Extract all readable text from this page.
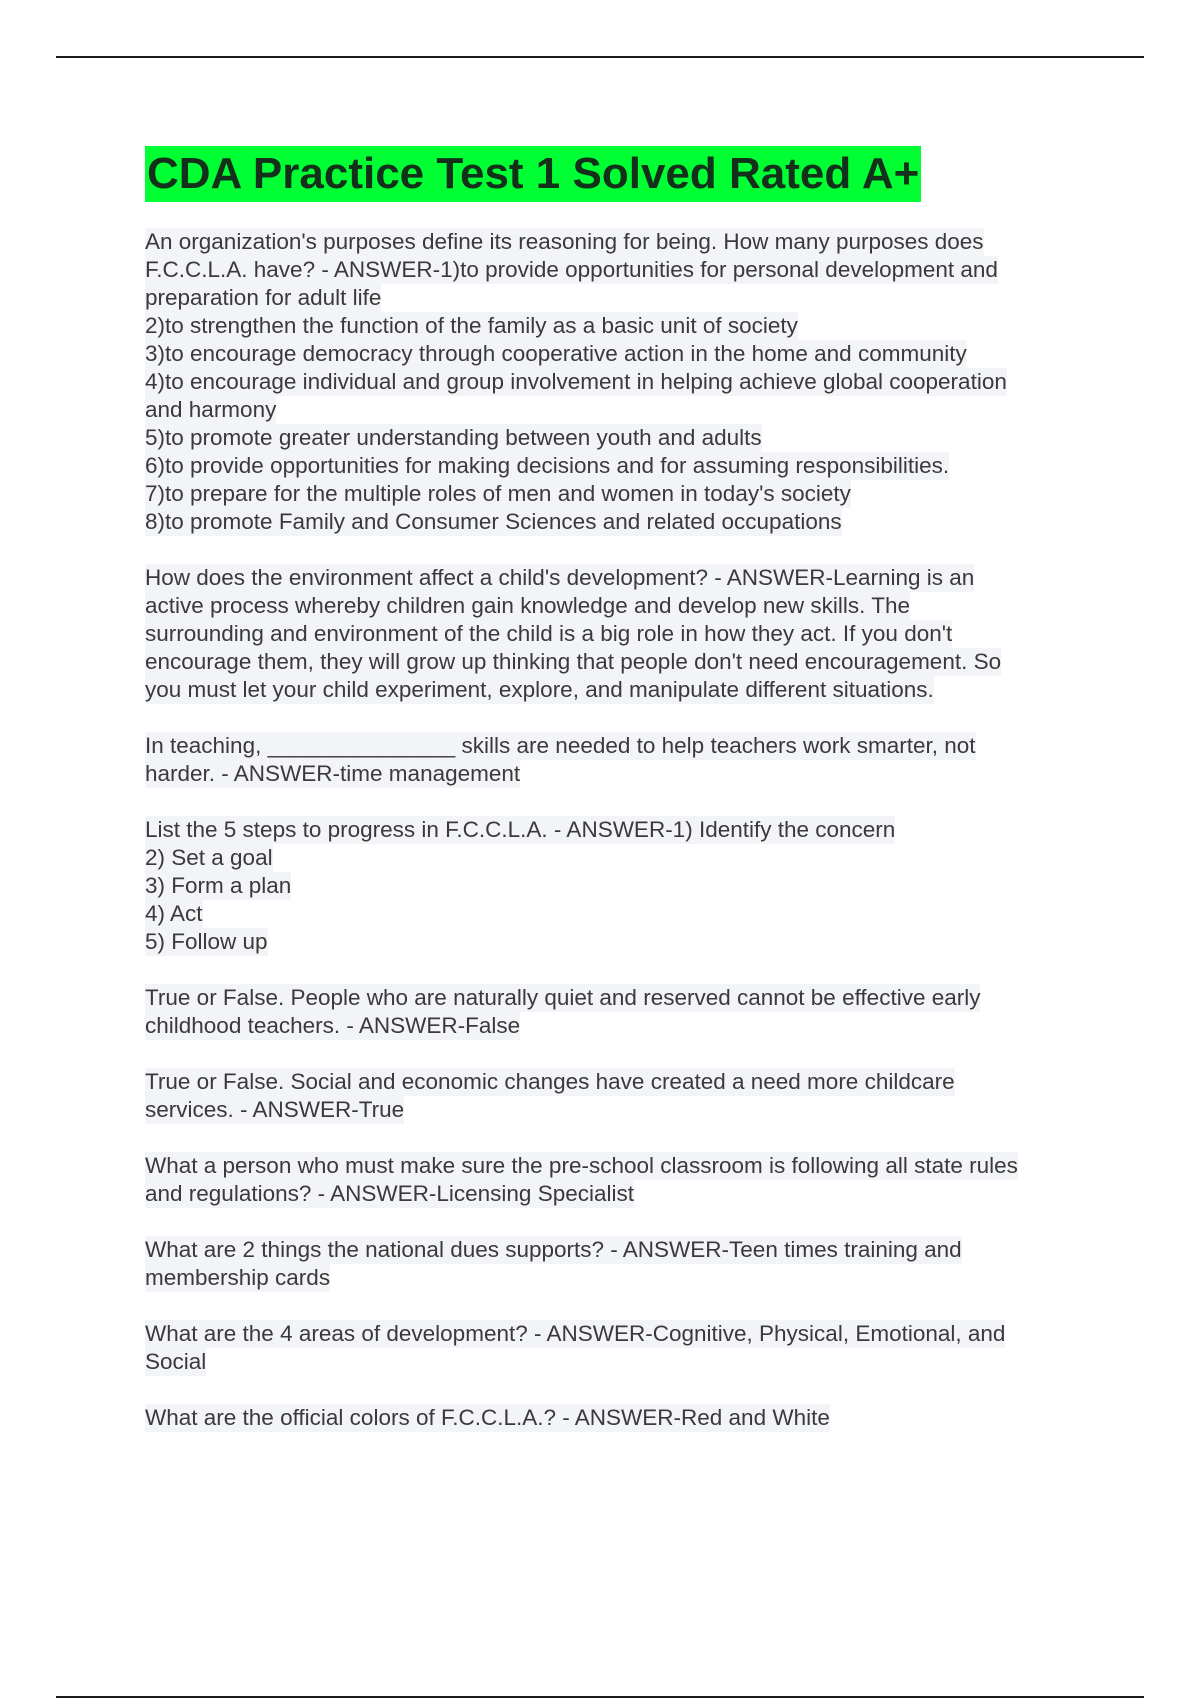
CDA Practice Test 1 Solved Rated A+
An organization's purposes define its reasoning for being. How many purposes does
F.C.C.L.A. have? - ANSWER-1)to provide opportunities for personal development and
preparation for adult life
2)to strengthen the function of the family as a basic unit of society
3)to encourage democracy through cooperative action in the home and community
4)to encourage individual and group involvement in helping achieve global cooperation
and harmony
5)to promote greater understanding between youth and adults
6)to provide opportunities for making decisions and for assuming responsibilities.
7)to prepare for the multiple roles of men and women in today's society
8)to promote Family and Consumer Sciences and related occupations
How does the environment affect a child's development? - ANSWER-Learning is an
active process whereby children gain knowledge and develop new skills. The
surrounding and environment of the child is a big role in how they act. If you don't
encourage them, they will grow up thinking that people don't need encouragement. So
you must let your child experiment, explore, and manipulate different situations.
In teaching, _______________ skills are needed to help teachers work smarter, not
harder. - ANSWER-time management
List the 5 steps to progress in F.C.C.L.A. - ANSWER-1) Identify the concern
2) Set a goal
3) Form a plan
4) Act
5) Follow up
True or False. People who are naturally quiet and reserved cannot be effective early
childhood teachers. - ANSWER-False
True or False. Social and economic changes have created a need more childcare
services. - ANSWER-True
What a person who must make sure the pre-school classroom is following all state rules
and regulations? - ANSWER-Licensing Specialist
What are 2 things the national dues supports? - ANSWER-Teen times training and
membership cards
What are the 4 areas of development? - ANSWER-Cognitive, Physical, Emotional, and
Social
What are the official colors of F.C.C.L.A.? - ANSWER-Red and White
